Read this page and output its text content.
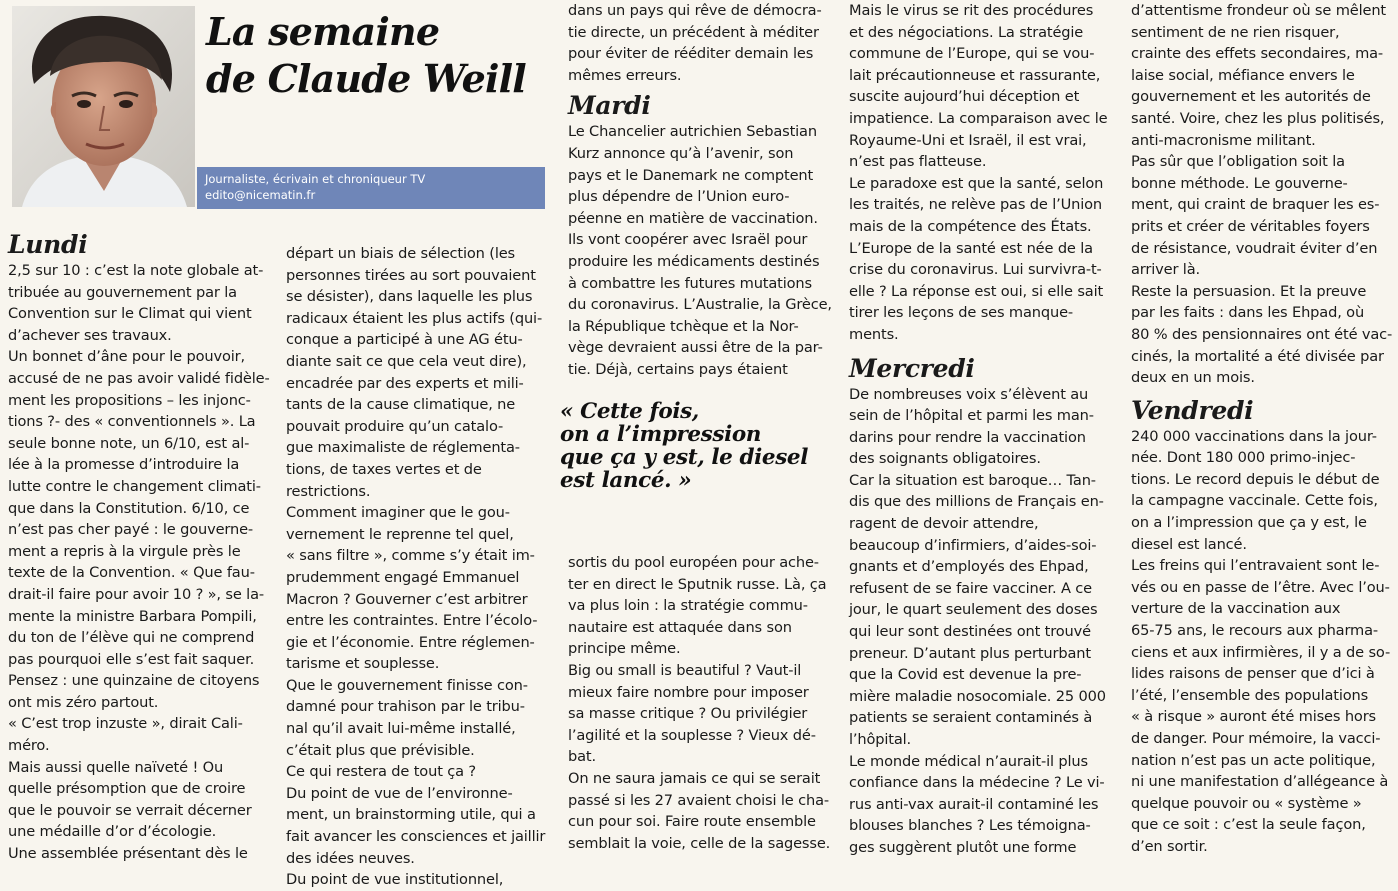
La semaine
de Claude Weill
Journaliste, écrivain et chroniqueur TV
edito@nicematin.fr
Lundi

2,5 sur 10 : c’est la note globale at-

tribuée au gouvernement par la

Convention sur le Climat qui vient

d’achever ses travaux.

Un bonnet d’âne pour le pouvoir,

accusé de ne pas avoir validé fidèle-

ment les propositions – les injonc-

tions ?- des « conventionnels ». La

seule bonne note, un 6/10, est al-

lée à la promesse d’introduire la

lutte contre le changement climati-

que dans la Constitution. 6/10, ce

n’est pas cher payé : le gouverne-

ment a repris à la virgule près le

texte de la Convention. « Que fau-

drait-il faire pour avoir 10 ? », se la-

mente la ministre Barbara Pompili,

du ton de l’élève qui ne comprend

pas pourquoi elle s’est fait saquer.

Pensez : une quinzaine de citoyens

ont mis zéro partout.

« C’est trop inzuste », dirait Cali-

méro.

Mais aussi quelle naïveté ! Ou

quelle présomption que de croire

que le pouvoir se verrait décerner

une médaille d’or d’écologie.

Une assemblée présentant dès le

départ un biais de sélection (les

personnes tirées au sort pouvaient

se désister), dans laquelle les plus

radicaux étaient les plus actifs (qui-

conque a participé à une AG étu-

diante sait ce que cela veut dire),

encadrée par des experts et mili-

tants de la cause climatique, ne

pouvait produire qu’un catalo-

gue maximaliste de réglementa-

tions, de taxes vertes et de

restrictions.

Comment imaginer que le gou-

vernement le reprenne tel quel,

« sans filtre », comme s’y était im-

prudemment engagé Emmanuel

Macron ? Gouverner c’est arbitrer

entre les contraintes. Entre l’écolo-

gie et l’économie. Entre réglemen-

tarisme et souplesse.

Que le gouvernement finisse con-

damné pour trahison par le tribu-

nal qu’il avait lui-même installé,

c’était plus que prévisible.

Ce qui restera de tout ça ?

Du point de vue de l’environne-

ment, un brainstorming utile, qui a

fait avancer les consciences et jaillir

des idées neuves.

Du point de vue institutionnel,

dans un pays qui rêve de démocra-

tie directe, un précédent à méditer

pour éviter de rééditer demain les

mêmes erreurs.

Mardi

Le Chancelier autrichien Sebastian

Kurz annonce qu’à l’avenir, son

pays et le Danemark ne comptent

plus dépendre de l’Union euro-

péenne en matière de vaccination.

Ils vont coopérer avec Israël pour

produire les médicaments destinés

à combattre les futures mutations

du coronavirus. L’Australie, la Grèce,

la République tchèque et la Nor-

vège devraient aussi être de la par-

tie. Déjà, certains pays étaient

« Cette fois,
on a l’impression
que ça y est, le diesel
est lancé. »

sortis du pool européen pour ache-

ter en direct le Sputnik russe. Là, ça

va plus loin : la stratégie commu-

nautaire est attaquée dans son

principe même.

Big ou small is beautiful ? Vaut-il

mieux faire nombre pour imposer

sa masse critique ? Ou privilégier

l’agilité et la souplesse ? Vieux dé-

bat.

On ne saura jamais ce qui se serait

passé si les 27 avaient choisi le cha-

cun pour soi. Faire route ensemble

semblait la voie, celle de la sagesse.

Mais le virus se rit des procédures

et des négociations. La stratégie

commune de l’Europe, qui se vou-

lait précautionneuse et rassurante,

suscite aujourd’hui déception et

impatience. La comparaison avec le

Royaume-Uni et Israël, il est vrai,

n’est pas flatteuse.

Le paradoxe est que la santé, selon

les traités, ne relève pas de l’Union

mais de la compétence des États.

L’Europe de la santé est née de la

crise du coronavirus. Lui survivra-t-

elle ? La réponse est oui, si elle sait

tirer les leçons de ses manque-

ments.

Mercredi

De nombreuses voix s’élèvent au

sein de l’hôpital et parmi les man-

darins pour rendre la vaccination

des soignants obligatoires.

Car la situation est baroque… Tan-

dis que des millions de Français en-

ragent de devoir attendre,

beaucoup d’infirmiers, d’aides-soi-

gnants et d’employés des Ehpad,

refusent de se faire vacciner. A ce

jour, le quart seulement des doses

qui leur sont destinées ont trouvé

preneur. D’autant plus perturbant

que la Covid est devenue la pre-

mière maladie nosocomiale. 25 000

patients se seraient contaminés à

l’hôpital.

Le monde médical n’aurait-il plus

confiance dans la médecine ? Le vi-

rus anti-vax aurait-il contaminé les

blouses blanches ? Les témoigna-

ges suggèrent plutôt une forme

d’attentisme frondeur où se mêlent

sentiment de ne rien risquer,

crainte des effets secondaires, ma-

laise social, méfiance envers le

gouvernement et les autorités de

santé. Voire, chez les plus politisés,

anti-macronisme militant.

Pas sûr que l’obligation soit la

bonne méthode. Le gouverne-

ment, qui craint de braquer les es-

prits et créer de véritables foyers

de résistance, voudrait éviter d’en

arriver là.

Reste la persuasion. Et la preuve

par les faits : dans les Ehpad, où

80 % des pensionnaires ont été vac-

cinés, la mortalité a été divisée par

deux en un mois.

Vendredi

240 000 vaccinations dans la jour-

née. Dont 180 000 primo-injec-

tions. Le record depuis le début de

la campagne vaccinale. Cette fois,

on a l’impression que ça y est, le

diesel est lancé.

Les freins qui l’entravaient sont le-

vés ou en passe de l’être. Avec l’ou-

verture de la vaccination aux

65-75 ans, le recours aux pharma-

ciens et aux infirmières, il y a de so-

lides raisons de penser que d’ici à

l’été, l’ensemble des populations

« à risque » auront été mises hors

de danger. Pour mémoire, la vacci-

nation n’est pas un acte politique,

ni une manifestation d’allégeance à

quelque pouvoir ou « système »

que ce soit : c’est la seule façon,

d’en sortir.
